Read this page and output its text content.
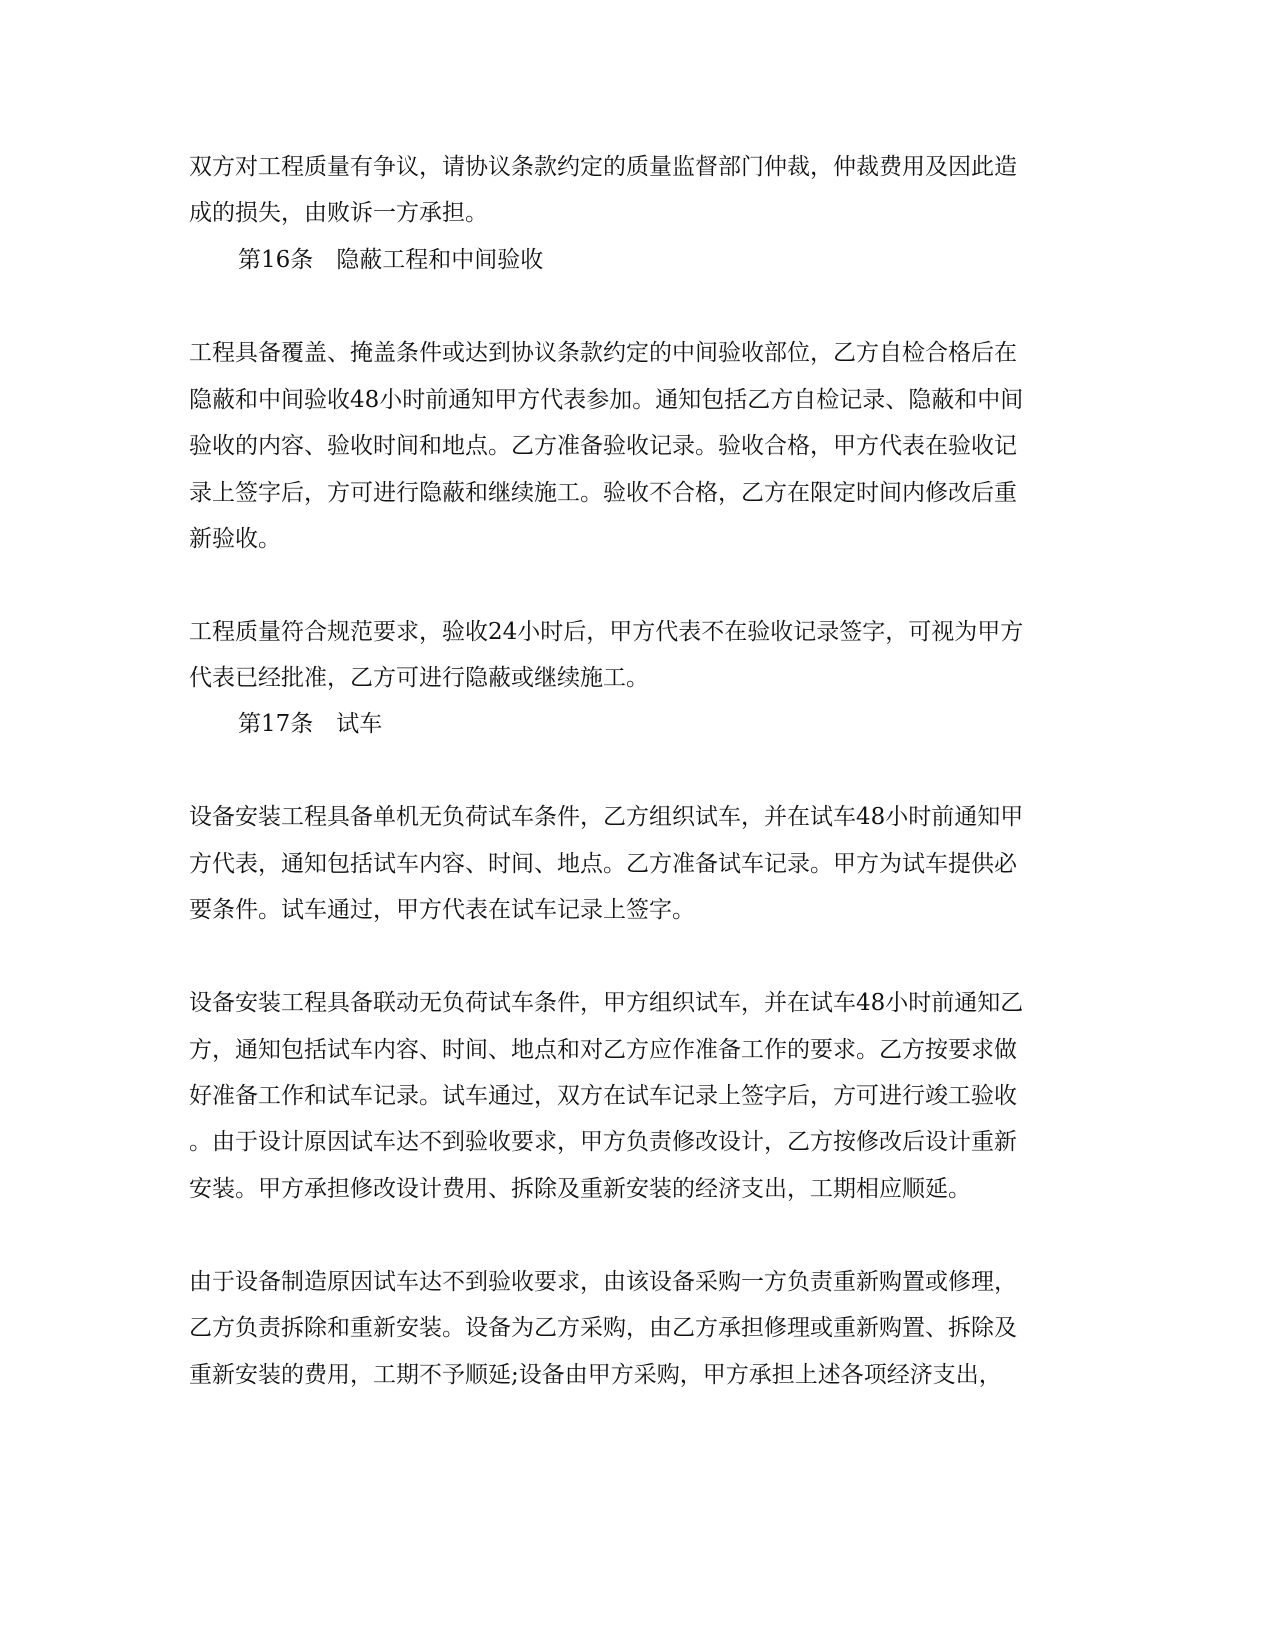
双方对工程质量有争议，请协议条款约定的质量监督部门仲裁，仲裁费用及因此造
成的损失，由败诉一方承担。
第16条　隐蔽工程和中间验收
工程具备覆盖、掩盖条件或达到协议条款约定的中间验收部位，乙方自检合格后在
隐蔽和中间验收48小时前通知甲方代表参加。通知包括乙方自检记录、隐蔽和中间
验收的内容、验收时间和地点。乙方准备验收记录。验收合格，甲方代表在验收记
录上签字后，方可进行隐蔽和继续施工。验收不合格，乙方在限定时间内修改后重
新验收。
工程质量符合规范要求，验收24小时后，甲方代表不在验收记录签字，可视为甲方
代表已经批准，乙方可进行隐蔽或继续施工。
第17条　试车
设备安装工程具备单机无负荷试车条件，乙方组织试车，并在试车48小时前通知甲
方代表，通知包括试车内容、时间、地点。乙方准备试车记录。甲方为试车提供必
要条件。试车通过，甲方代表在试车记录上签字。
设备安装工程具备联动无负荷试车条件，甲方组织试车，并在试车48小时前通知乙
方，通知包括试车内容、时间、地点和对乙方应作准备工作的要求。乙方按要求做
好准备工作和试车记录。试车通过，双方在试车记录上签字后，方可进行竣工验收
。由于设计原因试车达不到验收要求，甲方负责修改设计，乙方按修改后设计重新
安装。甲方承担修改设计费用、拆除及重新安装的经济支出，工期相应顺延。
由于设备制造原因试车达不到验收要求，由该设备采购一方负责重新购置或修理，
乙方负责拆除和重新安装。设备为乙方采购，由乙方承担修理或重新购置、拆除及
重新安装的费用，工期不予顺延;设备由甲方采购，甲方承担上述各项经济支出，
